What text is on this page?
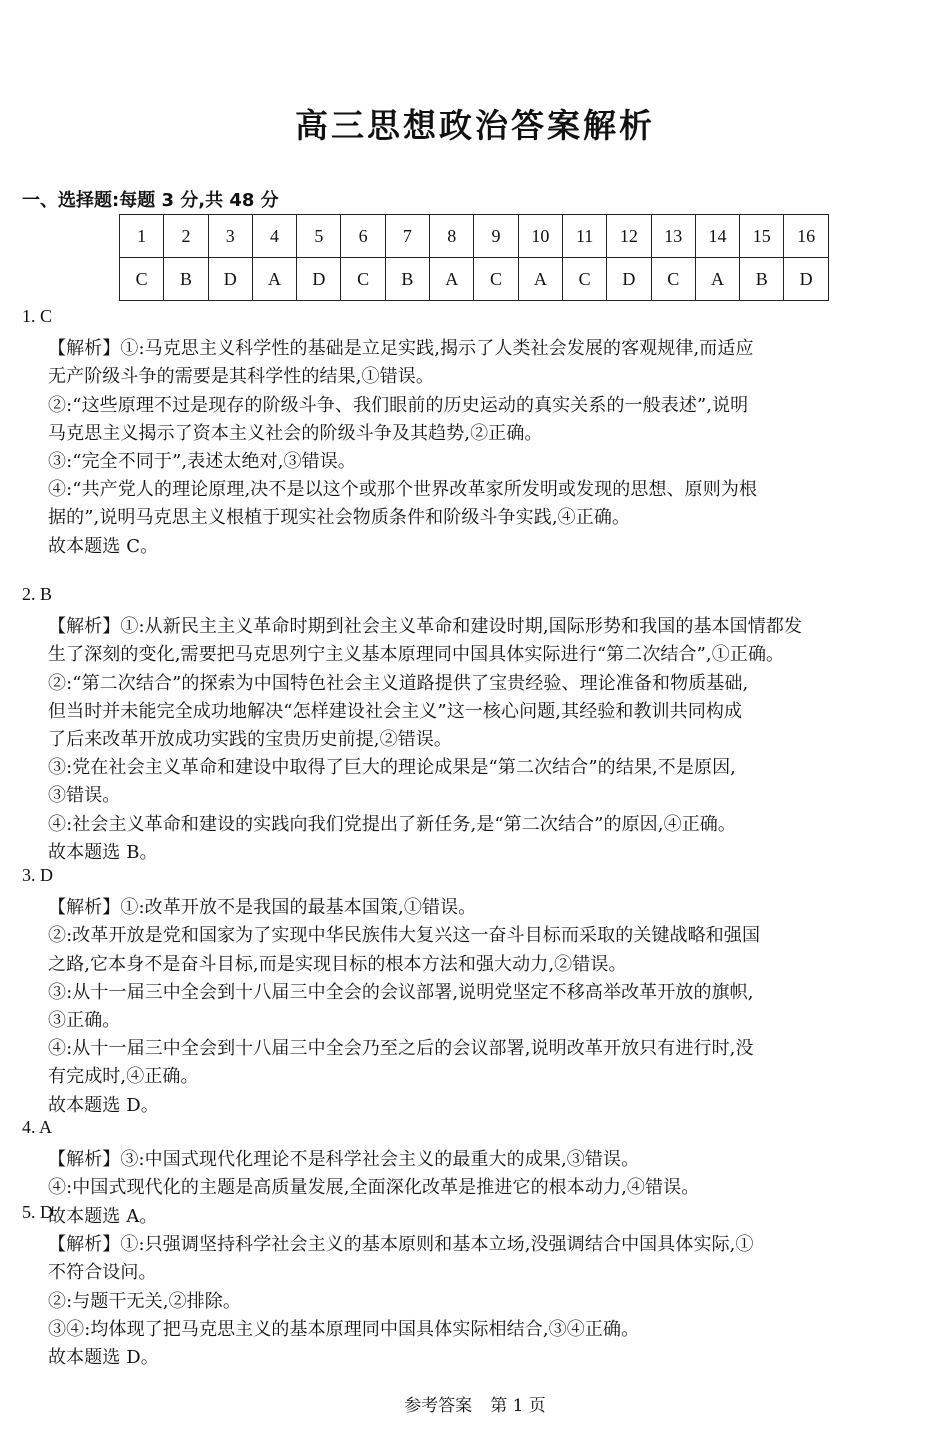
高三思想政治答案解析
一、选择题:每题 3 分,共 48 分
1	2	3	4	5	6	7	8	9	10	11	12	13	14	15	16
C	B	D	A	D	C	B	A	C	A	C	D	C	A	B	D
1. C
【解析】①:马克思主义科学性的基础是立足实践,揭示了人类社会发展的客观规律,而适应
无产阶级斗争的需要是其科学性的结果,①错误。
②:“这些原理不过是现存的阶级斗争、我们眼前的历史运动的真实关系的一般表述”,说明
马克思主义揭示了资本主义社会的阶级斗争及其趋势,②正确。
③:“完全不同于”,表述太绝对,③错误。
④:“共产党人的理论原理,决不是以这个或那个世界改革家所发明或发现的思想、原则为根
据的”,说明马克思主义根植于现实社会物质条件和阶级斗争实践,④正确。
故本题选 C。
2. B
【解析】①:从新民主主义革命时期到社会主义革命和建设时期,国际形势和我国的基本国情都发
生了深刻的变化,需要把马克思列宁主义基本原理同中国具体实际进行“第二次结合”,①正确。
②:“第二次结合”的探索为中国特色社会主义道路提供了宝贵经验、理论准备和物质基础,
但当时并未能完全成功地解决“怎样建设社会主义”这一核心问题,其经验和教训共同构成
了后来改革开放成功实践的宝贵历史前提,②错误。
③:党在社会主义革命和建设中取得了巨大的理论成果是“第二次结合”的结果,不是原因,
③错误。
④:社会主义革命和建设的实践向我们党提出了新任务,是“第二次结合”的原因,④正确。
故本题选 B。
3. D
【解析】①:改革开放不是我国的最基本国策,①错误。
②:改革开放是党和国家为了实现中华民族伟大复兴这一奋斗目标而采取的关键战略和强国
之路,它本身不是奋斗目标,而是实现目标的根本方法和强大动力,②错误。
③:从十一届三中全会到十八届三中全会的会议部署,说明党坚定不移高举改革开放的旗帜,
③正确。
④:从十一届三中全会到十八届三中全会乃至之后的会议部署,说明改革开放只有进行时,没
有完成时,④正确。
故本题选 D。
4. A
【解析】③:中国式现代化理论不是科学社会主义的最重大的成果,③错误。
④:中国式现代化的主题是高质量发展,全面深化改革是推进它的根本动力,④错误。
故本题选 A。
5. D
【解析】①:只强调坚持科学社会主义的基本原则和基本立场,没强调结合中国具体实际,①
不符合设问。
②:与题干无关,②排除。
③④:均体现了把马克思主义的基本原理同中国具体实际相结合,③④正确。
故本题选 D。
参考答案 第 1 页
